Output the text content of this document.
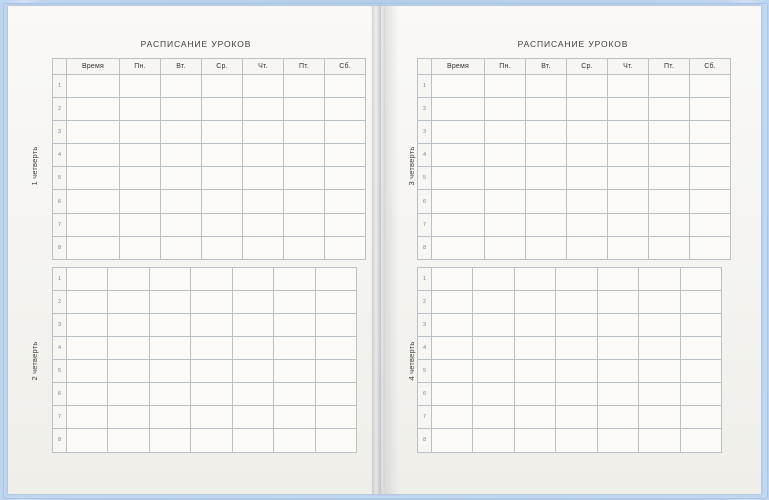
РАСПИСАНИЕ УРОКОВ
1 четверть
2 четверть
	Время	Пн.	Вт.	Ср.	Чт.	Пт.	Сб.
1							
2							
3							
4							
5							
6							
7							
8							
1							
2							
3							
4							
5							
6							
7							
8							
РАСПИСАНИЕ УРОКОВ
3 четверть
4 четверть
	Время	Пн.	Вт.	Ср.	Чт.	Пт.	Сб.
1							
2							
3							
4							
5							
6							
7							
8							
1							
2							
3							
4							
5							
6							
7							
8							
